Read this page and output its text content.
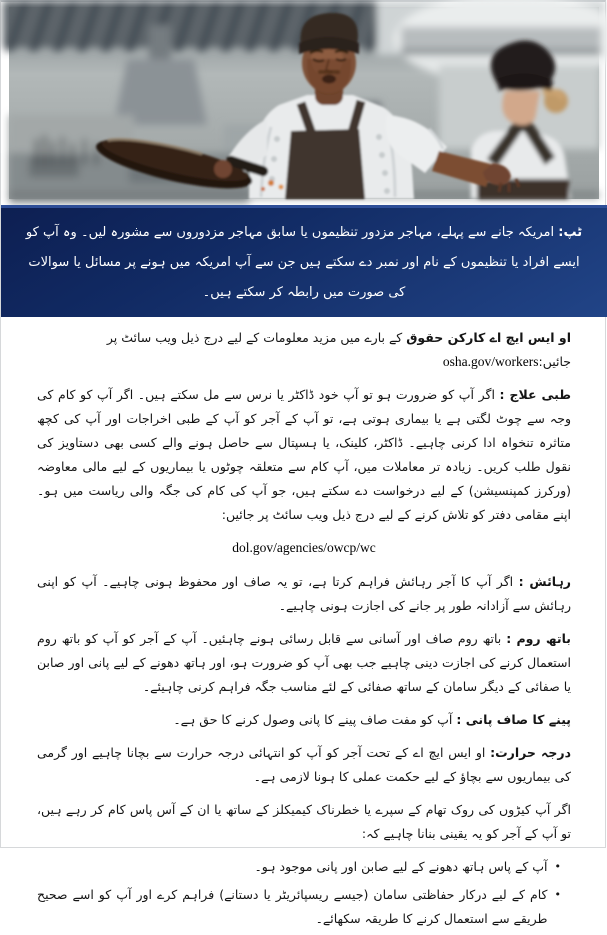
ٹپ: امریکہ جانے سے پہلے، مہاجر مزدور تنظیموں یا سابق مہاجر مزدوروں سے مشورہ لیں۔ وہ آپ کو ایسے افراد یا تنظیموں کے نام اور نمبر دے سکتے ہیں جن سے آپ امریکہ میں ہونے پر مسائل یا سوالات کی صورت میں رابطہ کر سکتے ہیں۔

او ایس ایچ اے کارکن حقوق کے بارے میں مزید معلومات کے لیے درج ذیل ویب سائٹ پر جائیں:osha.gov/workers

طبی علاج : اگر آپ کو ضرورت ہو تو آپ خود ڈاکٹر یا نرس سے مل سکتے ہیں۔ اگر آپ کو کام کی وجہ سے چوٹ لگتی ہے یا بیماری ہوتی ہے، تو آپ کے آجر کو آپ کے طبی اخراجات اور آپ کی کچھ متاثرہ تنخواہ ادا کرنی چاہیے۔ ڈاکٹر، کلینک، یا ہسپتال سے حاصل ہونے والے کسی بھی دستاویز کی نقول طلب کریں۔ زیادہ تر معاملات میں، آپ کام سے متعلقہ چوٹوں یا بیماریوں کے لیے مالی معاوضہ (ورکرز کمپنسیشن) کے لیے درخواست دے سکتے ہیں، جو آپ کی کام کی جگہ والی ریاست میں ہو۔ اپنے مقامی دفتر کو تلاش کرنے کے لیے درج ذیل ویب سائٹ پر جائیں:

dol.gov/agencies/owcp/wc

رہائش : اگر آپ کا آجر رہائش فراہم کرتا ہے، تو یہ صاف اور محفوظ ہونی چاہیے۔ آپ کو اپنی رہائش سے آزادانہ طور پر جانے کی اجازت ہونی چاہیے۔

باتھ روم : باتھ روم صاف اور آسانی سے قابل رسائی ہونے چاہئیں۔ آپ کے آجر کو آپ کو باتھ روم استعمال کرنے کی اجازت دینی چاہیے جب بھی آپ کو ضرورت ہو، اور ہاتھ دھونے کے لیے پانی اور صابن یا صفائی کے دیگر سامان کے ساتھ صفائی کے لئے مناسب جگہ فراہم کرنی چاہیئے۔

پینے کا صاف پانی : آپ کو مفت صاف پینے کا پانی وصول کرنے کا حق ہے۔

درجہ حرارت: او ایس ایچ اے کے تحت آجر کو آپ کو انتہائی درجہ حرارت سے بچانا چاہیے اور گرمی کی بیماریوں سے بچاؤ کے لیے حکمت عملی کا ہونا لازمی ہے۔

اگر آپ کیڑوں کی روک تھام کے سپرے یا خطرناک کیمیکلز کے ساتھ یا ان کے آس پاس کام کر رہے ہیں، تو آپ کے آجر کو یہ یقینی بنانا چاہیے کہ:

•
آپ کے پاس ہاتھ دھونے کے لیے صابن اور پانی موجود ہو۔
•
کام کے لیے درکار حفاظتی سامان (جیسے ریسپائریٹر یا دستانے) فراہم کرے اور آپ کو اسے صحیح طریقے سے استعمال کرنے کا طریقہ سکھائے۔
